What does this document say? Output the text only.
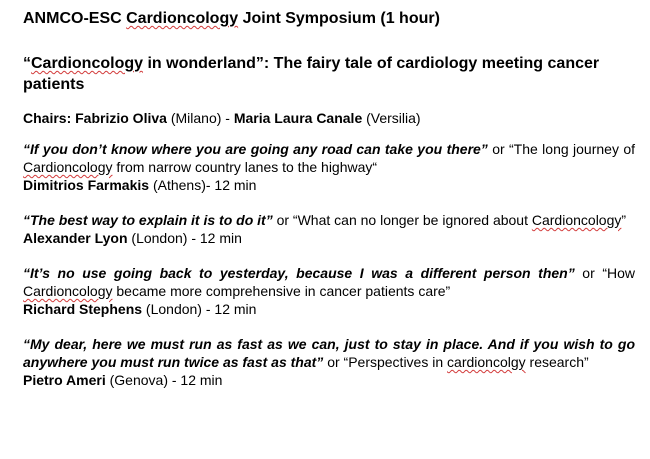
ANMCO-ESC Cardioncology Joint Symposium (1 hour)
“Cardioncology in wonderland”: The fairy tale of cardiology meeting cancer patients
Chairs: Fabrizio Oliva (Milano) - Maria Laura Canale (Versilia)
“If you don’t know where you are going any road can take you there” or “The long journey of Cardioncology from narrow country lanes to the highway“
Dimitrios Farmakis (Athens)- 12 min
“The best way to explain it is to do it” or “What can no longer be ignored about Cardioncology”
Alexander Lyon (London) - 12 min
“It’s no use going back to yesterday, because I was a different person then” or “How Cardioncology became more comprehensive in cancer patients care”
Richard Stephens (London) - 12 min
“My dear, here we must run as fast as we can, just to stay in place. And if you wish to go anywhere you must run twice as fast as that” or “Perspectives in cardioncolgy research”
Pietro Ameri (Genova) - 12 min
